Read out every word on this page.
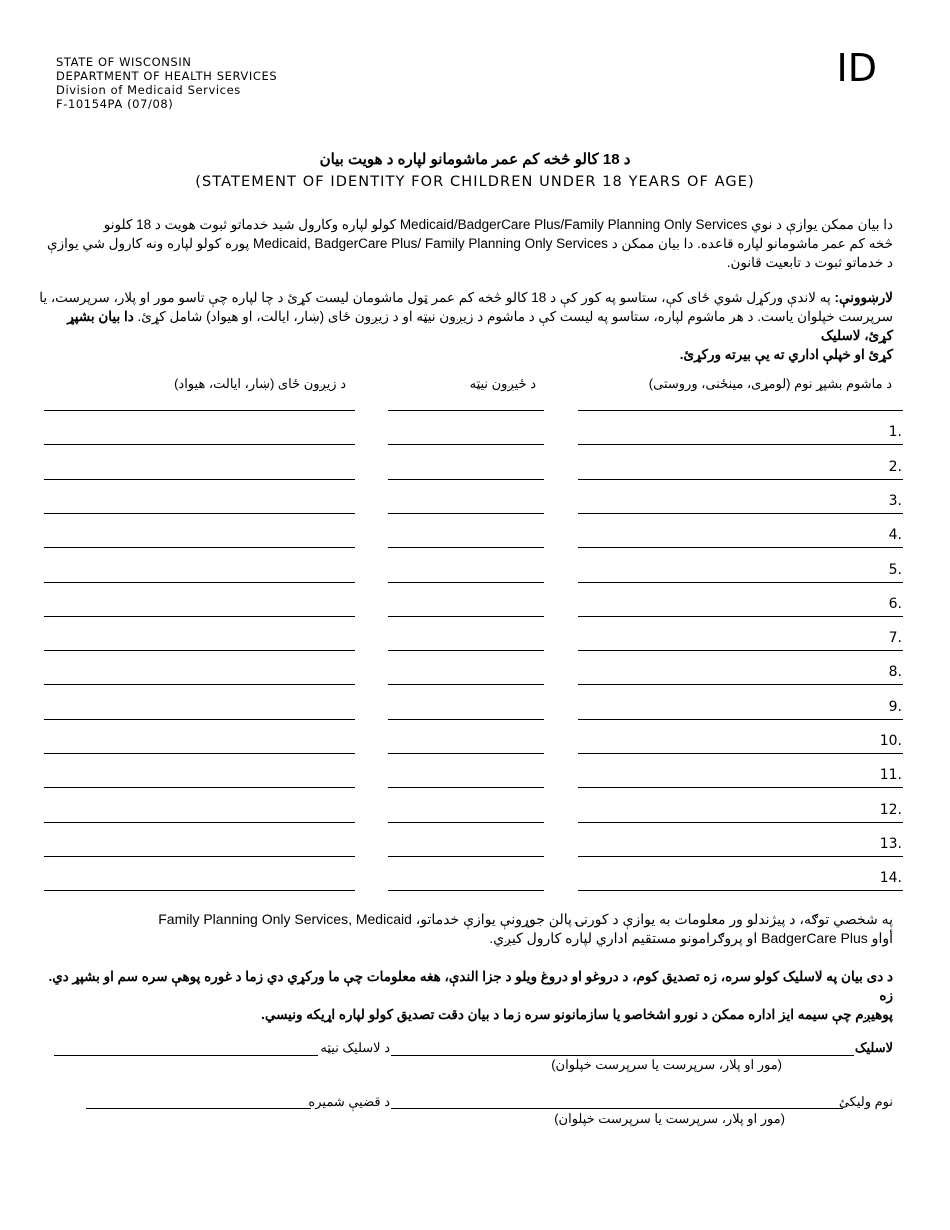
STATE OF WISCONSIN
DEPARTMENT OF HEALTH SERVICES
Division of Medicaid Services
F-10154PA (07/08)
ID
د 18 کالو څخه کم عمر ماشومانو لپاره د هویت بیان
(STATEMENT OF IDENTITY FOR CHILDREN UNDER 18 YEARS OF AGE)
دا بیان ممکن یوازې د نوي Medicaid/BadgerCare Plus/Family Planning Only Services کولو لپاره وکارول شید خدماتو ثبوت هویت د 18 کلونو
څخه کم عمر ماشومانو لپاره قاعده. دا بیان ممکن د Medicaid, BadgerCare Plus/ Family Planning Only Services پوره کولو لپاره ونه کارول شي یوازې
د خدماتو ثبوت د تابعیت قانون.
لارښوونې: په لاندې ورکړل شوي ځای کې، ستاسو په کور کې د 18 کالو څخه کم عمر ټول ماشومان لیست کړئ د چا لپاره چې تاسو مور او پلار، سرپرست، یا
سرپرست خپلوان یاست. د هر ماشوم لپاره، ستاسو په لیست کې د ماشوم د زیږون نیټه او د زیږون ځای (ښار، ایالت، او هیواد) شامل کړئ. دا بیان بشپړ کړئ، لاسلیک
کړئ او خپلې اداري ته یې بیرته ورکړئ.
د ماشوم بشپړ نوم (لومړی، مینځنی، وروستی)
د ځیږون نیټه
د زیږون ځای (ښار، ایالت، هیواد)
1.
2.
3.
4.
5.
6.
7.
8.
9.
10.
11.
12.
13.
14.
په شخصي توګه، د پیژندلو ور معلومات به یوازې د کورنۍ پالن جوړونې یوازې خدماتو، Family Planning Only Services, Medicaid
أواو BadgerCare Plus او پروګرامونو مستقیم اداري لپاره کارول کیږي.
د دی بیان په لاسلیک کولو سره، زه تصدیق کوم، د دروغو او دروغ ویلو د جزا الندې، هغه معلومات چې ما ورکړي دي زما د غوره پوهې سره سم او بشپړ دي. زه
پوهیږم چې سیمه ایز اداره ممکن د نورو اشخاصو یا سازمانونو سره زما د بیان دقت تصدیق کولو لپاره اړیکه ونیسي.
لاسلیک
د لاسلیک نیټه
(مور او پلار، سرپرست یا سرپرست خپلوان)
نوم ولیکئ
د قضیې شمیره
(مور او پلار، سرپرست یا سرپرست خپلوان)
